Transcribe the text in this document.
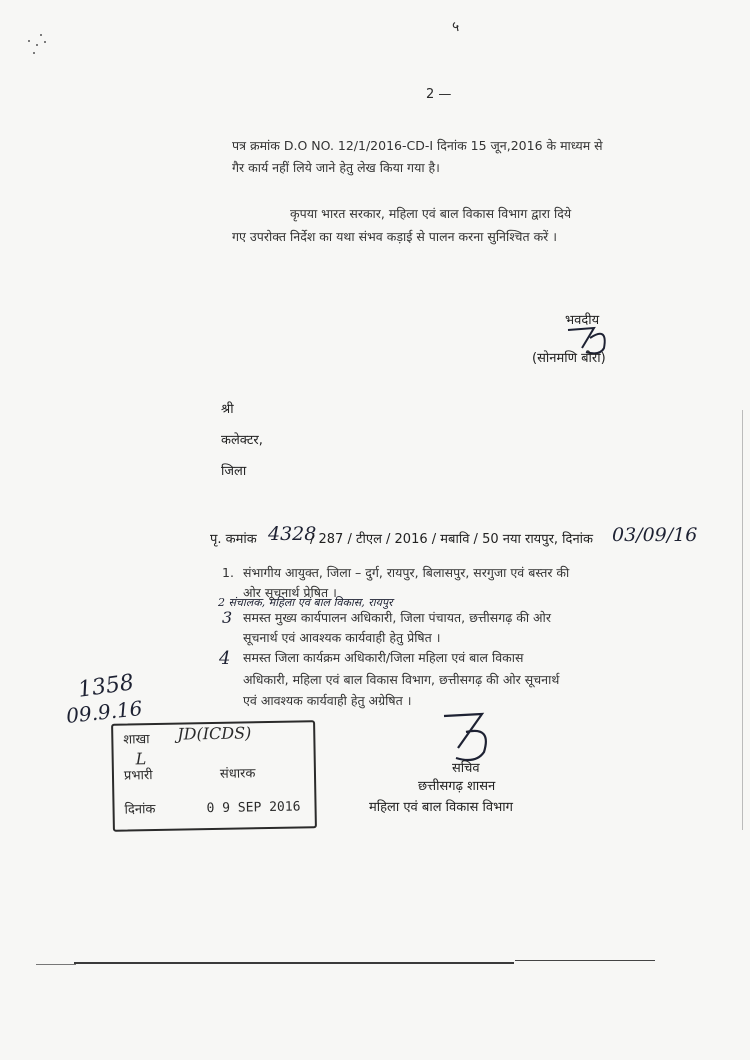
५
2 —
पत्र क्रमांक D.O NO. 12/1/2016-CD-I दिनांक 15 जून,2016 के माध्यम से
गैर कार्य नहीं लिये जाने हेतु लेख किया गया है।
कृपया भारत सरकार, महिला एवं बाल विकास विभाग द्वारा दिये
गए उपरोक्त निर्देश का यथा संभव कड़ाई से पालन करना सुनिश्चित करें ।
भवदीय
(सोनमणि बोरा)
श्री
कलेक्टर,
जिला
पृ. कमांक 4328
/ 287 / टीएल / 2016 / मबावि / 50 नया रायपुर, दिनांक 03/09/16
1. संभागीय आयुक्त, जिला – दुर्ग, रायपुर, बिलासपुर, सरगुजा एवं बस्तर की
ओर सूचनार्थ प्रेषित ।
2 संचालक, महिला एवं बाल विकास, रायपुर
3 समस्त मुख्य कार्यपालन अधिकारी, जिला पंचायत, छत्तीसगढ़ की ओर
सूचनार्थ एवं आवश्यक कार्यवाही हेतु प्रेषित ।
4 समस्त जिला कार्यक्रम अधिकारी/जिला महिला एवं बाल विकास
अधिकारी, महिला एवं बाल विकास विभाग, छत्तीसगढ़ की ओर सूचनार्थ
एवं आवश्यक कार्यवाही हेतु अग्रेषित ।
1358
09.9.16
शाखा JD(ICDS)
प्रभारी
L
संधारक
दिनांक	0 9 SEP 2016
सचिव
छत्तीसगढ़ शासन
महिला एवं बाल विकास विभाग
